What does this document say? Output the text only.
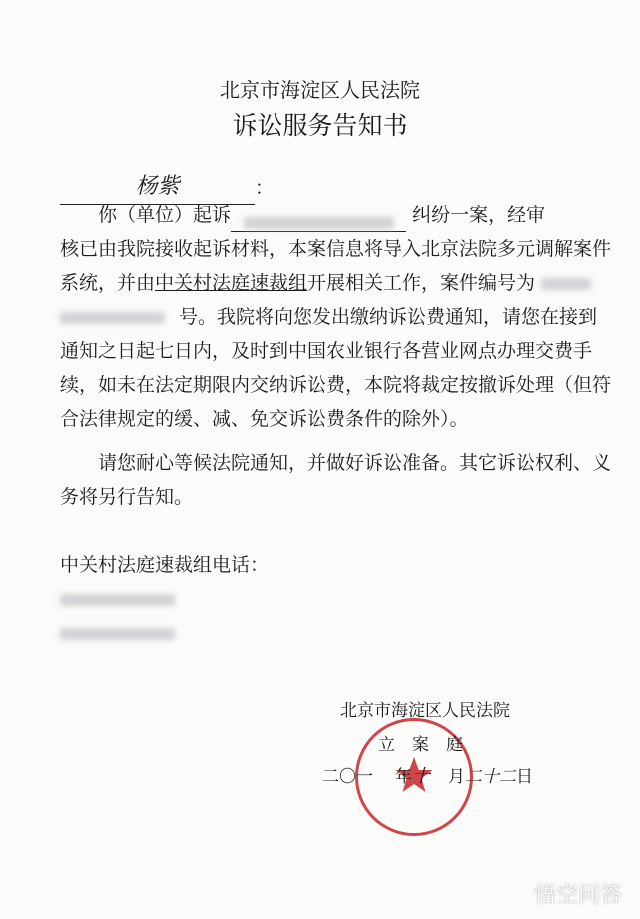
北京市海淀区人民法院
诉讼服务告知书
杨紫	：
你（单位）起诉	纠纷一案，经审
核已由我院接收起诉材料，本案信息将导入北京法院多元调解案件
系统，并由中关村法庭速裁组开展相关工作，案件编号为
号。我院将向您发出缴纳诉讼费通知，请您在接到
通知之日起七日内，及时到中国农业银行各营业网点办理交费手
续，如未在法定期限内交纳诉讼费，本院将裁定按撤诉处理（但符
合法律规定的缓、减、免交诉讼费条件的除外）。
请您耐心等候法院通知，并做好诉讼准备。其它诉讼权利、义
务将另行告知。
中关村法庭速裁组电话：
北京市海淀区人民法院
立　案　庭
二〇一 年十 月二十二日
悟空问答
